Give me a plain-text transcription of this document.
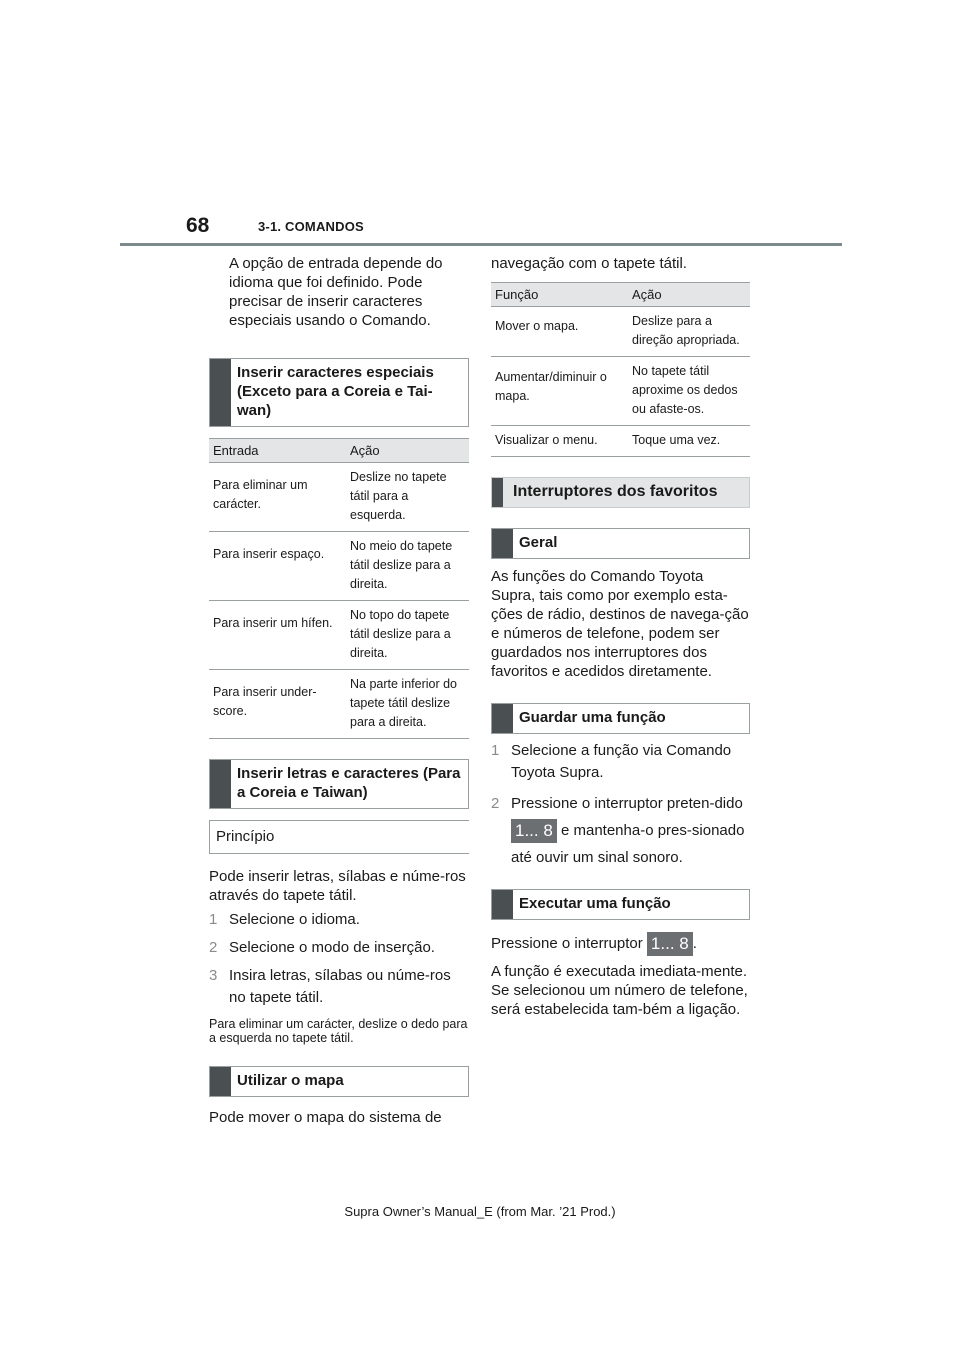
68	3-1. COMANDOS

A opção de entrada depende do idioma que foi definido. Pode precisar de inserir caracteres especiais usando o Comando.

Inserir caracteres especiais (Exceto para a Coreia e Tai-wan)
Entrada	Ação
Para eliminar um carácter.	Deslize no tapete tátil para a esquerda.
Para inserir espaço.	No meio do tapete tátil deslize para a direita.
Para inserir um hífen.	No topo do tapete tátil deslize para a direita.
Para inserir under-score.	Na parte inferior do tapete tátil deslize para a direita.
Inserir letras e caracteres (Para a Coreia e Taiwan)
Princípio

Pode inserir letras, sílabas e núme-ros através do tapete tátil.

1 Selecione o idioma.
2 Selecione o modo de inserção.
3 Insira letras, sílabas ou núme-ros no tapete tátil.

Para eliminar um carácter, deslize o dedo para a esquerda no tapete tátil.

Utilizar o mapa

Pode mover o mapa do sistema de

navegação com o tapete tátil.

Função	Ação
Mover o mapa.	Deslize para a direção apropriada.
Aumentar/diminuir o mapa.	No tapete tátil aproxime os dedos ou afaste-os.
Visualizar o menu.	Toque uma vez.
Interruptores dos favoritos
Geral

As funções do Comando Toyota Supra, tais como por exemplo esta-ções de rádio, destinos de navega-ção e números de telefone, podem ser guardados nos interruptores dos favoritos e acedidos diretamente.

Guardar uma função
1 Selecione a função via Comando Toyota Supra.
2 Pressione o interruptor preten-dido 1... 8 e mantenha-o pres-sionado até ouvir um sinal sonoro.
Executar uma função

Pressione o interruptor 1... 8 .

A função é executada imediata-mente. Se selecionou um número de telefone, será estabelecida tam-bém a ligação.

Supra Owner’s Manual_E (from Mar. ’21 Prod.)
